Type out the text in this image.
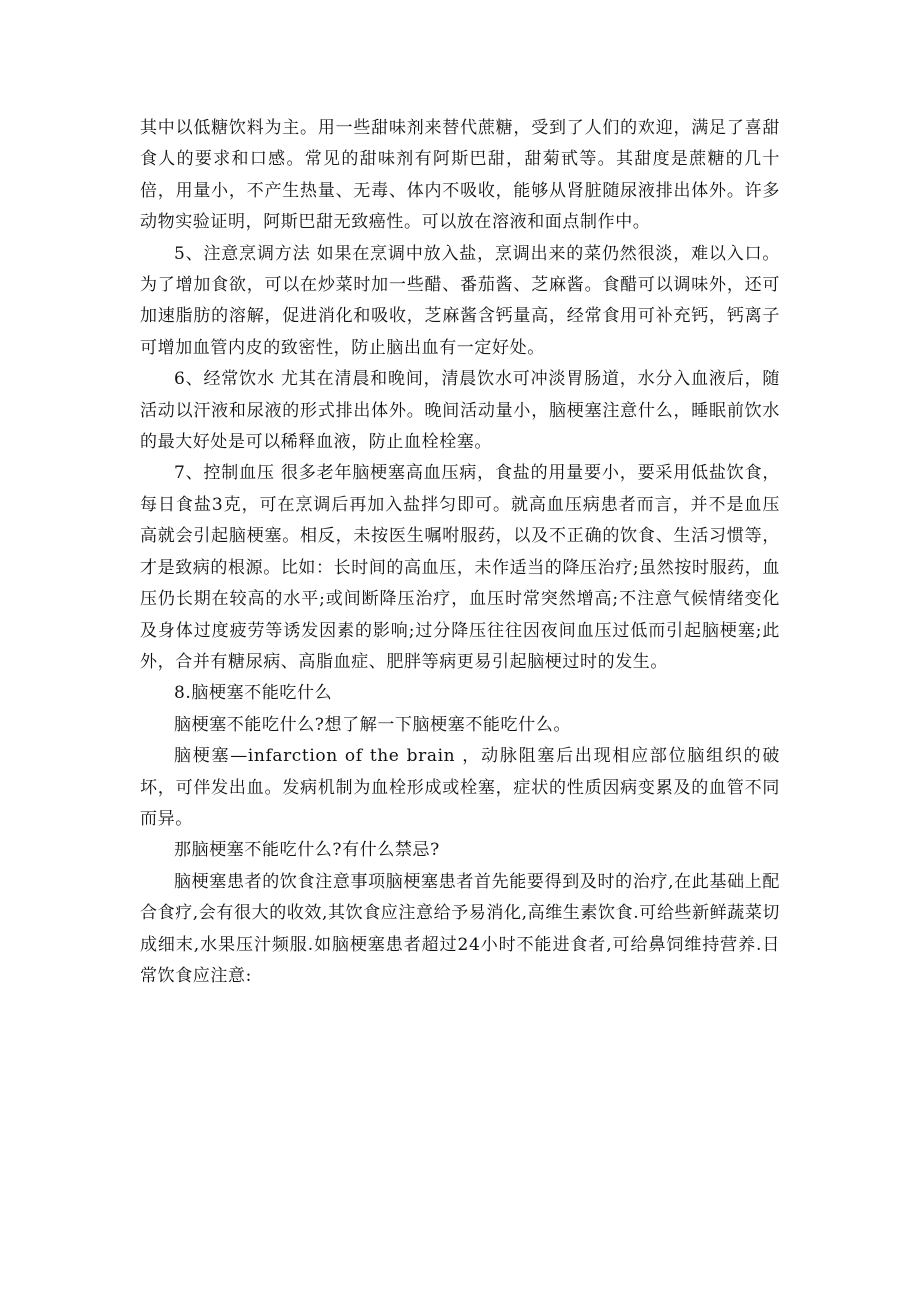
其中以低糖饮料为主。用一些甜味剂来替代蔗糖，受到了人们的欢迎，满足了喜甜食人的要求和口感。常见的甜味剂有阿斯巴甜，甜菊甙等。其甜度是蔗糖的几十倍，用量小，不产生热量、无毒、体内不吸收，能够从肾脏随尿液排出体外。许多动物实验证明，阿斯巴甜无致癌性。可以放在溶液和面点制作中。

5、注意烹调方法 如果在烹调中放入盐，烹调出来的菜仍然很淡，难以入口。为了增加食欲，可以在炒菜时加一些醋、番茄酱、芝麻酱。食醋可以调味外，还可加速脂肪的溶解，促进消化和吸收，芝麻酱含钙量高，经常食用可补充钙，钙离子可增加血管内皮的致密性，防止脑出血有一定好处。

6、经常饮水 尤其在清晨和晚间，清晨饮水可冲淡胃肠道，水分入血液后，随活动以汗液和尿液的形式排出体外。晚间活动量小，脑梗塞注意什么，睡眠前饮水的最大好处是可以稀释血液，防止血栓栓塞。

7、控制血压 很多老年脑梗塞高血压病，食盐的用量要小，要采用低盐饮食，每日食盐3克，可在烹调后再加入盐拌匀即可。就高血压病患者而言，并不是血压高就会引起脑梗塞。相反，未按医生嘱咐服药，以及不正确的饮食、生活习惯等，才是致病的根源。比如：长时间的高血压，未作适当的降压治疗;虽然按时服药，血压仍长期在较高的水平;或间断降压治疗，血压时常突然增高;不注意气候情绪变化及身体过度疲劳等诱发因素的影响;过分降压往往因夜间血压过低而引起脑梗塞;此外，合并有糖尿病、高脂血症、肥胖等病更易引起脑梗过时的发生。

8.脑梗塞不能吃什么

脑梗塞不能吃什么?想了解一下脑梗塞不能吃什么。

脑梗塞—infarction of the brain ，动脉阻塞后出现相应部位脑组织的破坏，可伴发出血。发病机制为血栓形成或栓塞，症状的性质因病变累及的血管不同而异。

那脑梗塞不能吃什么?有什么禁忌?

脑梗塞患者的饮食注意事项脑梗塞患者首先能要得到及时的治疗,在此基础上配合食疗,会有很大的收效,其饮食应注意给予易消化,高维生素饮食.可给些新鲜蔬菜切成细末,水果压汁频服.如脑梗塞患者超过24小时不能进食者,可给鼻饲维持营养.日常饮食应注意:
